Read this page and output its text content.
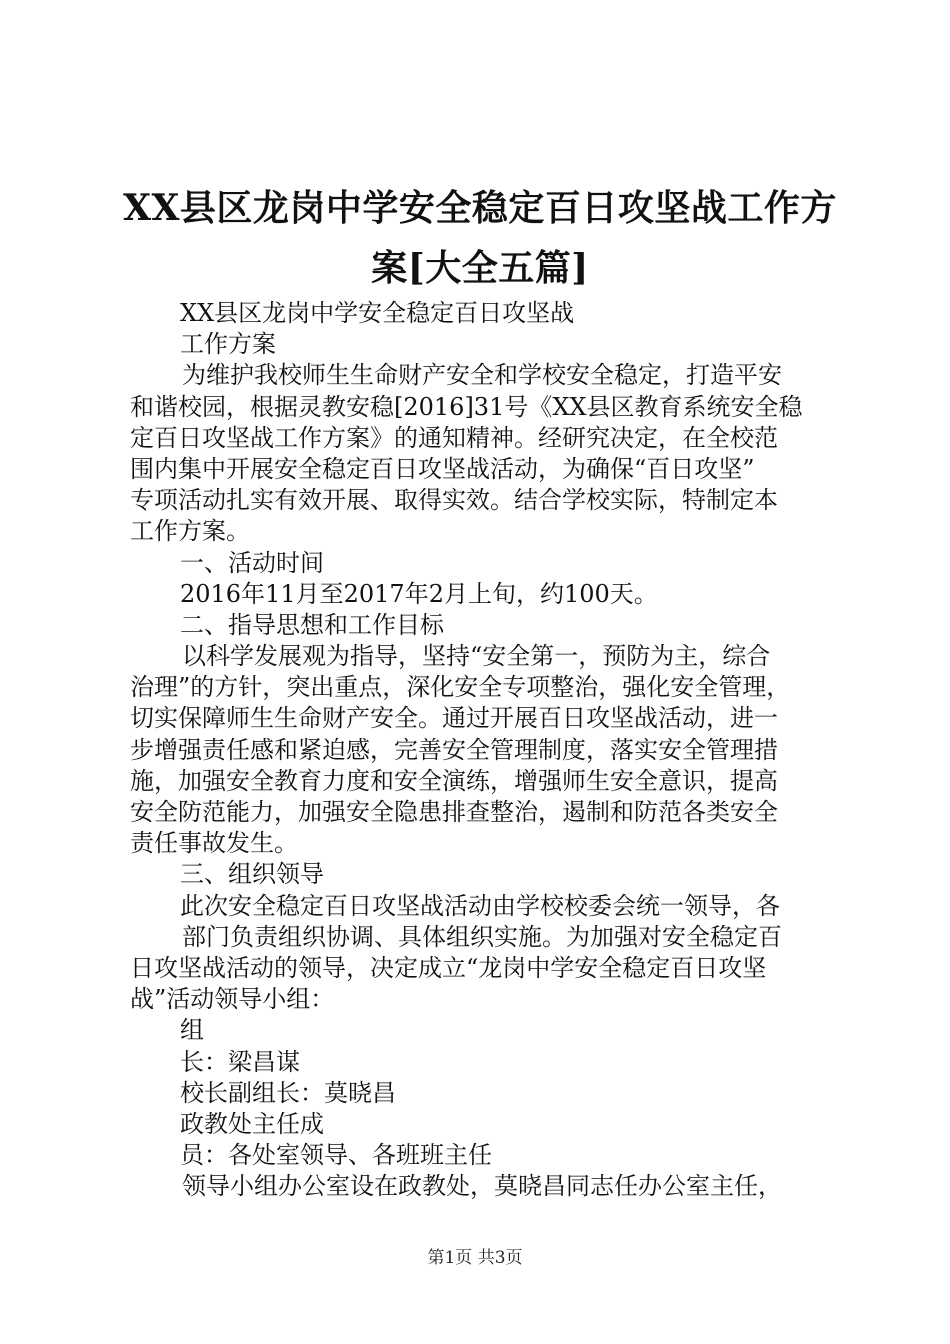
XX县区龙岗中学安全稳定百日攻坚战工作方
案[大全五篇]
XX县区龙岗中学安全稳定百日攻坚战
工作方案
为维护我校师生生命财产安全和学校安全稳定，打造平安
和谐校园，根据灵教安稳[2016]31号《XX县区教育系统安全稳
定百日攻坚战工作方案》的通知精神。经研究决定，在全校范
围内集中开展安全稳定百日攻坚战活动，为确保“百日攻坚”
专项活动扎实有效开展、取得实效。结合学校实际，特制定本
工作方案。
一、活动时间
2016年11月至2017年2月上旬，约100天。
二、指导思想和工作目标
以科学发展观为指导，坚持“安全第一，预防为主，综合
治理”的方针，突出重点，深化安全专项整治，强化安全管理，
切实保障师生生命财产安全。通过开展百日攻坚战活动，进一
步增强责任感和紧迫感，完善安全管理制度，落实安全管理措
施，加强安全教育力度和安全演练，增强师生安全意识，提高
安全防范能力，加强安全隐患排查整治，遏制和防范各类安全
责任事故发生。
三、组织领导
此次安全稳定百日攻坚战活动由学校校委会统一领导，各
部门负责组织协调、具体组织实施。为加强对安全稳定百
日攻坚战活动的领导，决定成立“龙岗中学安全稳定百日攻坚
战”活动领导小组：
组
长：梁昌谋
校长副组长：莫晓昌
政教处主任成
员：各处室领导、各班班主任
领导小组办公室设在政教处，莫晓昌同志任办公室主任，
第1页 共3页
